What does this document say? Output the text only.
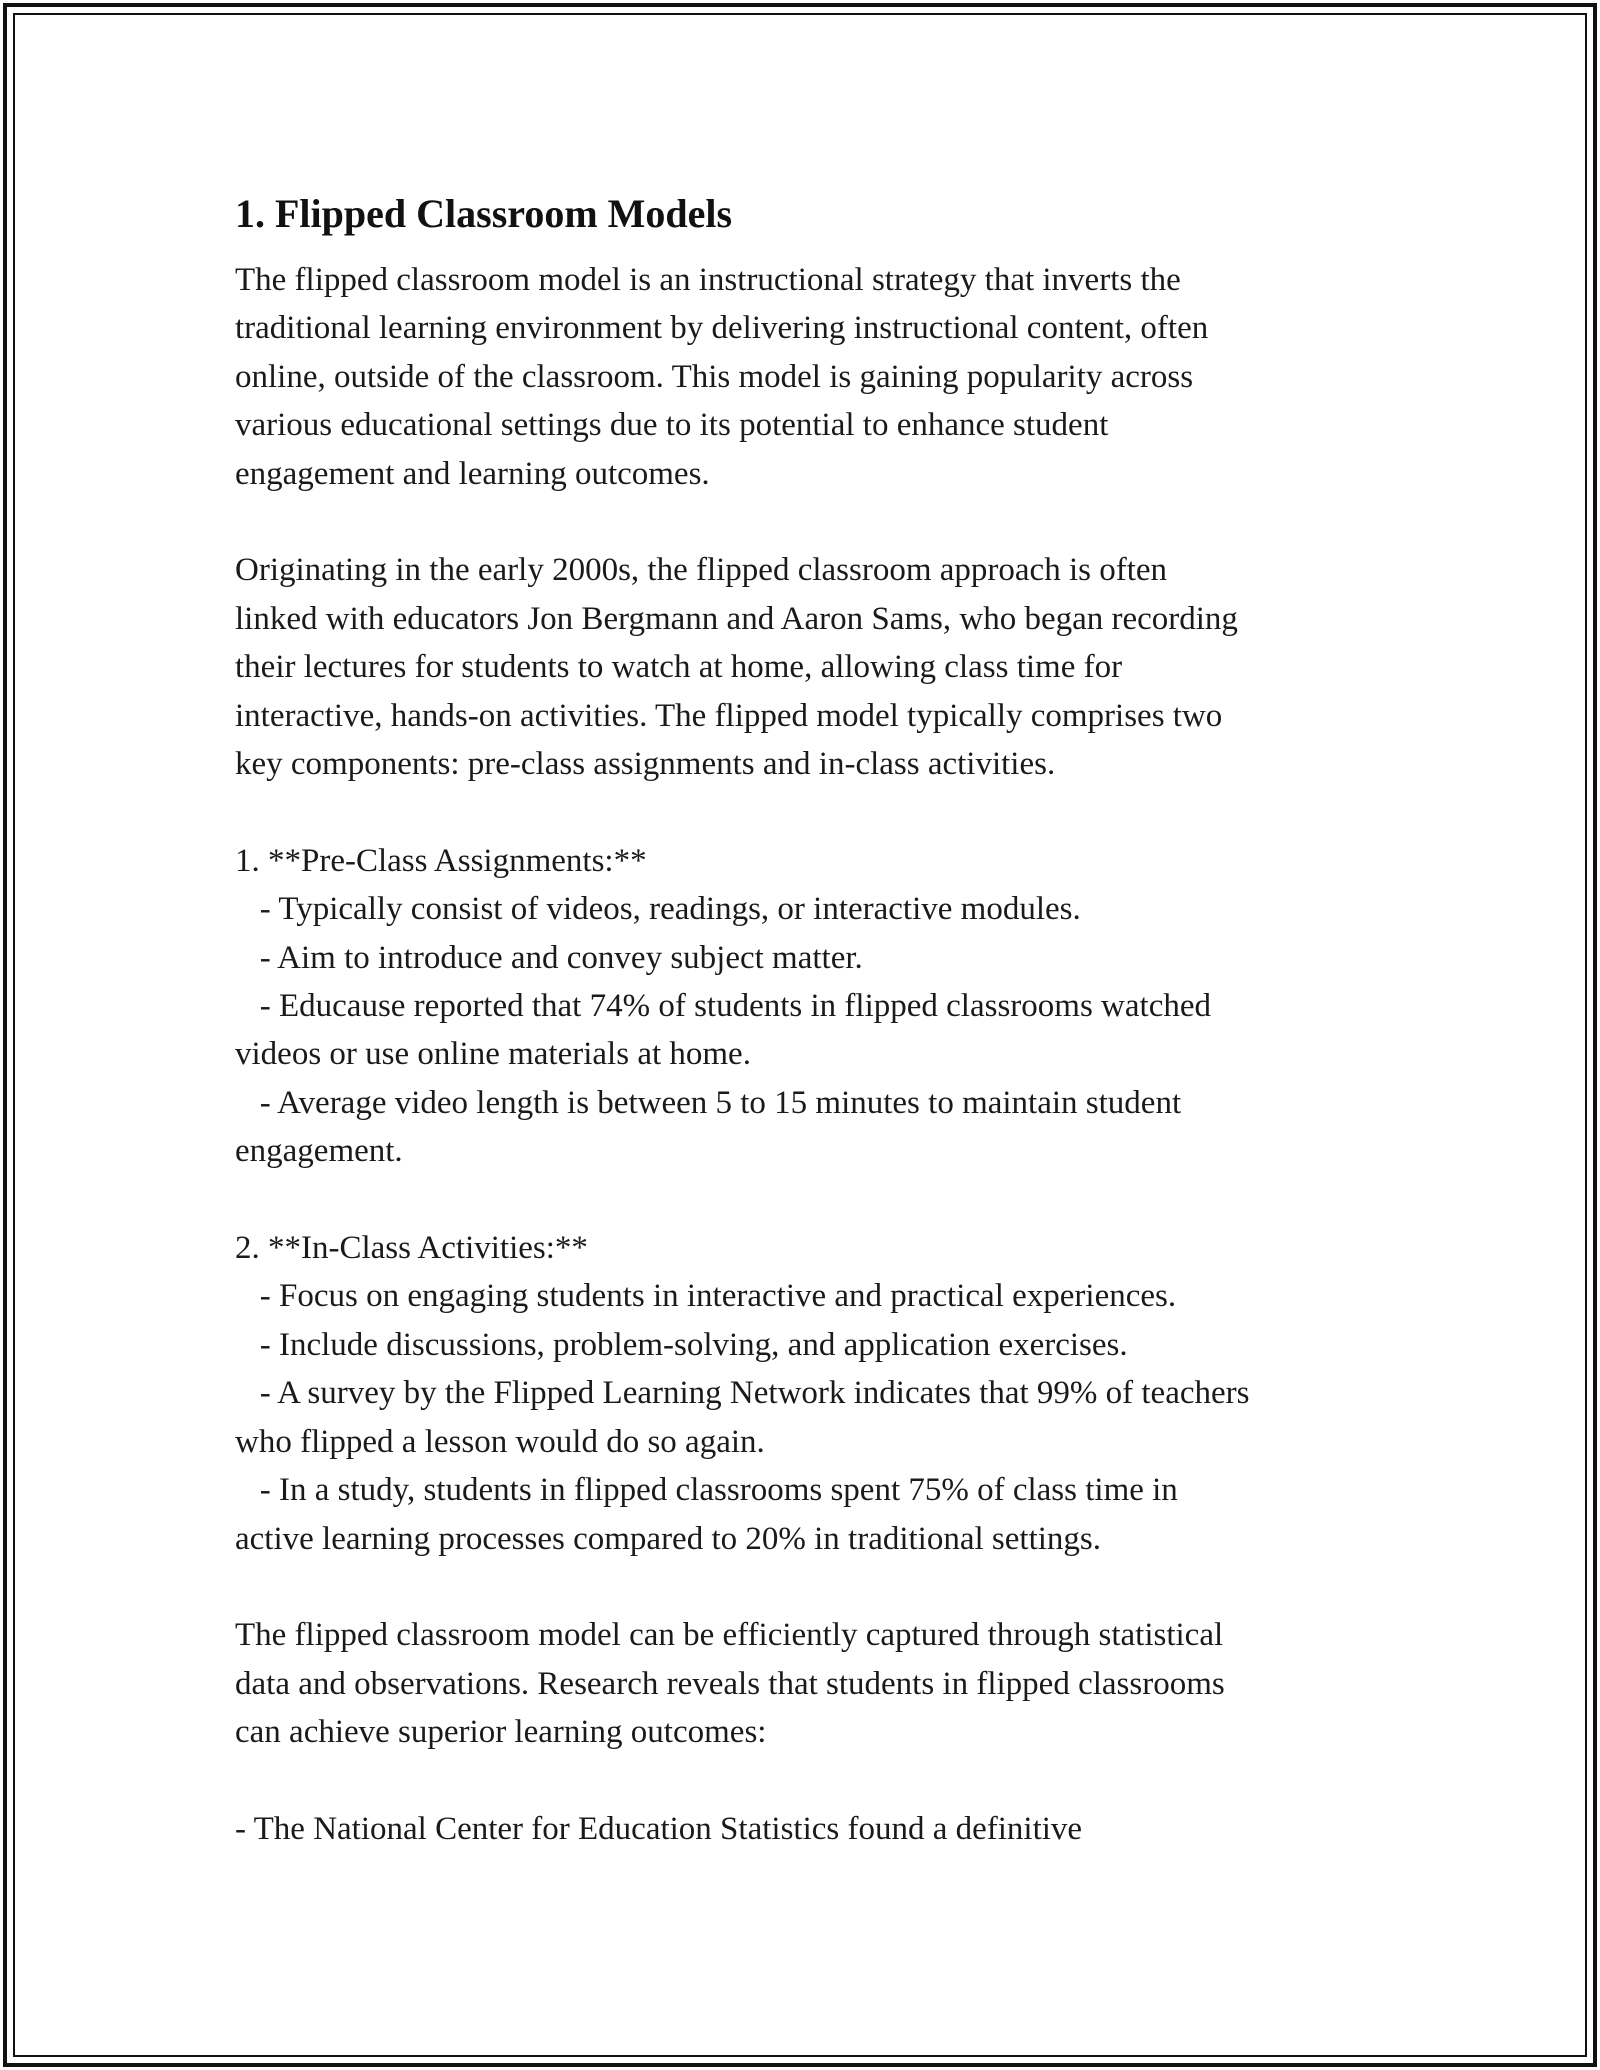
1. Flipped Classroom Models
The flipped classroom model is an instructional strategy that inverts the
traditional learning environment by delivering instructional content, often
online, outside of the classroom. This model is gaining popularity across
various educational settings due to its potential to enhance student
engagement and learning outcomes.
Originating in the early 2000s, the flipped classroom approach is often
linked with educators Jon Bergmann and Aaron Sams, who began recording
their lectures for students to watch at home, allowing class time for
interactive, hands-on activities. The flipped model typically comprises two
key components: pre-class assignments and in-class activities.
1. **Pre-Class Assignments:**
- Typically consist of videos, readings, or interactive modules.
- Aim to introduce and convey subject matter.
- Educause reported that 74% of students in flipped classrooms watched
videos or use online materials at home.
- Average video length is between 5 to 15 minutes to maintain student
engagement.
2. **In-Class Activities:**
- Focus on engaging students in interactive and practical experiences.
- Include discussions, problem-solving, and application exercises.
- A survey by the Flipped Learning Network indicates that 99% of teachers
who flipped a lesson would do so again.
- In a study, students in flipped classrooms spent 75% of class time in
active learning processes compared to 20% in traditional settings.
The flipped classroom model can be efficiently captured through statistical
data and observations. Research reveals that students in flipped classrooms
can achieve superior learning outcomes:
- The National Center for Education Statistics found a definitive
